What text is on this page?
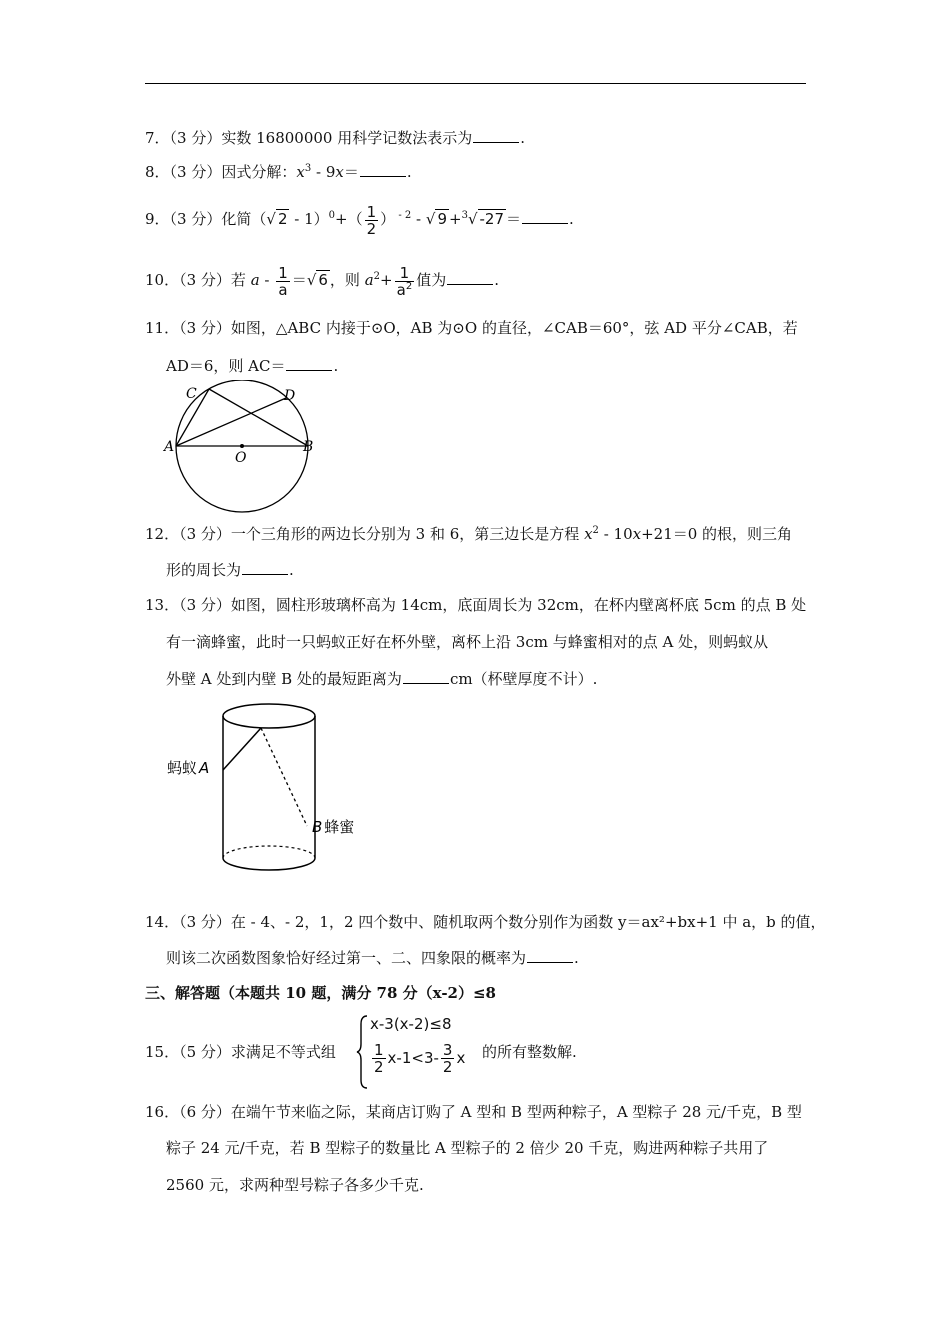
7．（3 分）实数 16800000 用科学记数法表示为	.
8．（3 分）因式分解：$x^3 - 9x=$	.
9．（3 分）化简（√ $2 - 1)^0+( \frac{1}{2}$ ） $^{- 2}$ - √ 9 +$^3$√ -27 ＝	.
10．（3 分）若 a - $\frac{1}{a}$ ＝√ 6 ，则 $a^2+ \frac{1}{a^2}$ 值为	.
11．（3 分）如图，△ABC 内接于⊙O，AB 为⊙O 的直径，∠CAB＝60°，弦 AD 平分∠CAB，若
AD＝6，则 AC＝	.
C	D
A	B
O
12．（3 分）一个三角形的两边长分别为 3 和 6，第三边长是方程 $x^2 - 10x+21=0$ 的根，则三角
形的周长为	.
13．（3 分）如图，圆柱形玻璃杯高为 14cm，底面周长为 32cm，在杯内壁离杯底 5cm 的点 B 处
有一滴蜂蜜，此时一只蚂蚁正好在杯外壁，离杯上沿 3cm 与蜂蜜相对的点 A 处，则蚂蚁从
外壁 A 处到内壁 B 处的最短距离为	cm（杯壁厚度不计）.
蚂蚁 A
B 蜂蜜
14．（3 分）在 - 4、- 2，1，2 四个数中、随机取两个数分别作为函数 y＝ax²+bx+1 中 a，b 的值，
则该二次函数图象恰好经过第一、二、四象限的概率为	.
三、解答题（本题共 10 题，满分 78 分（x-2）≤8
15．（5 分）求满足不等式组
x-3(x-2)≤8
$\frac{1}{2} x-1<3- \frac{3}{2}$ x 的所有整数解.
16．（6 分）在端午节来临之际，某商店订购了 A 型和 B 型两种粽子，A 型粽子 28 元/千克，B 型
粽子 24 元/千克，若 B 型粽子的数量比 A 型粽子的 2 倍少 20 千克，购进两种粽子共用了
2560 元，求两种型号粽子各多少千克.
